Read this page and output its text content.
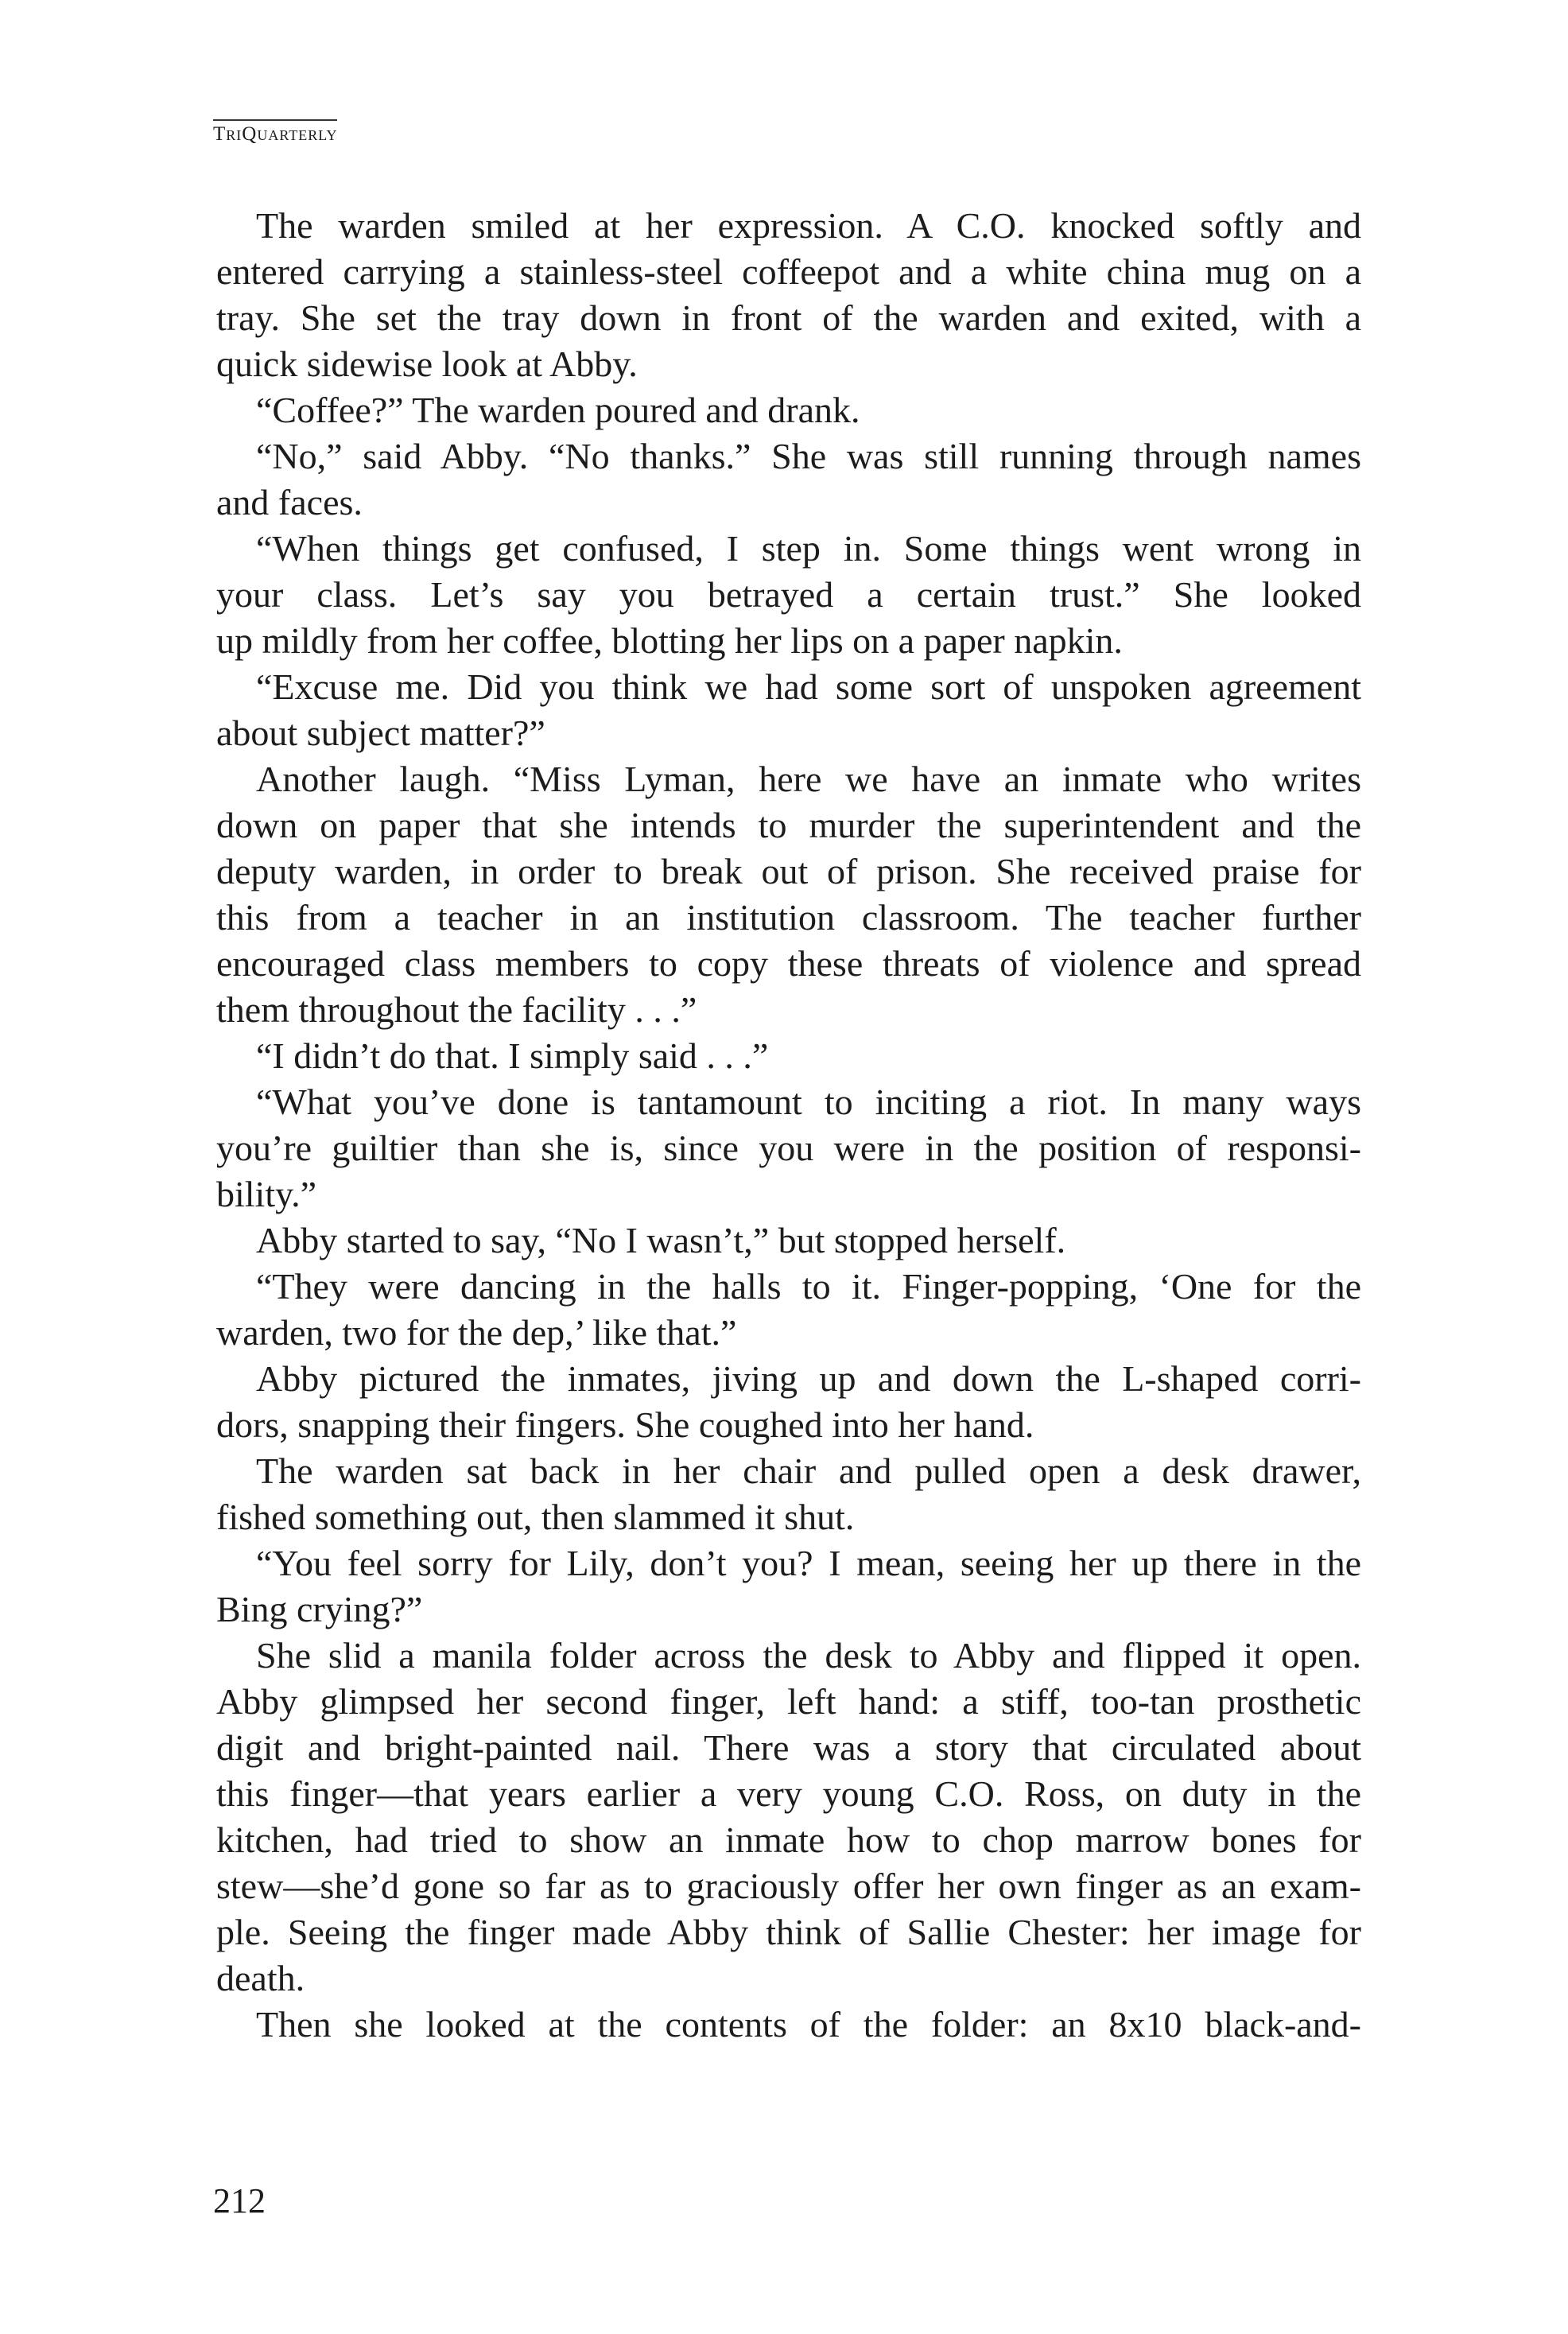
TriQuarterly
The warden smiled at her expression. A C.O. knocked softly and
entered carrying a stainless-steel coffeepot and a white china mug on a
tray. She set the tray down in front of the warden and exited, with a
quick sidewise look at Abby.
“Coffee?” The warden poured and drank.
“No,” said Abby. “No thanks.” She was still running through names
and faces.
“When things get confused, I step in. Some things went wrong in
your class. Let’s say you betrayed a certain trust.” She looked
up mildly from her coffee, blotting her lips on a paper napkin.
“Excuse me. Did you think we had some sort of unspoken agreement
about subject matter?”
Another laugh. “Miss Lyman, here we have an inmate who writes
down on paper that she intends to murder the superintendent and the
deputy warden, in order to break out of prison. She received praise for
this from a teacher in an institution classroom. The teacher further
encouraged class members to copy these threats of violence and spread
them throughout the facility . . .”
“I didn’t do that. I simply said . . .”
“What you’ve done is tantamount to inciting a riot. In many ways
you’re guiltier than she is, since you were in the position of responsi-
bility.”
Abby started to say, “No I wasn’t,” but stopped herself.
“They were dancing in the halls to it. Finger-popping, ‘One for the
warden, two for the dep,’ like that.”
Abby pictured the inmates, jiving up and down the L-shaped corri-
dors, snapping their fingers. She coughed into her hand.
The warden sat back in her chair and pulled open a desk drawer,
fished something out, then slammed it shut.
“You feel sorry for Lily, don’t you? I mean, seeing her up there in the
Bing crying?”
She slid a manila folder across the desk to Abby and flipped it open.
Abby glimpsed her second finger, left hand: a stiff, too-tan prosthetic
digit and bright-painted nail. There was a story that circulated about
this finger—that years earlier a very young C.O. Ross, on duty in the
kitchen, had tried to show an inmate how to chop marrow bones for
stew—she’d gone so far as to graciously offer her own finger as an exam-
ple. Seeing the finger made Abby think of Sallie Chester: her image for
death.
Then she looked at the contents of the folder: an 8x10 black-and-
212
